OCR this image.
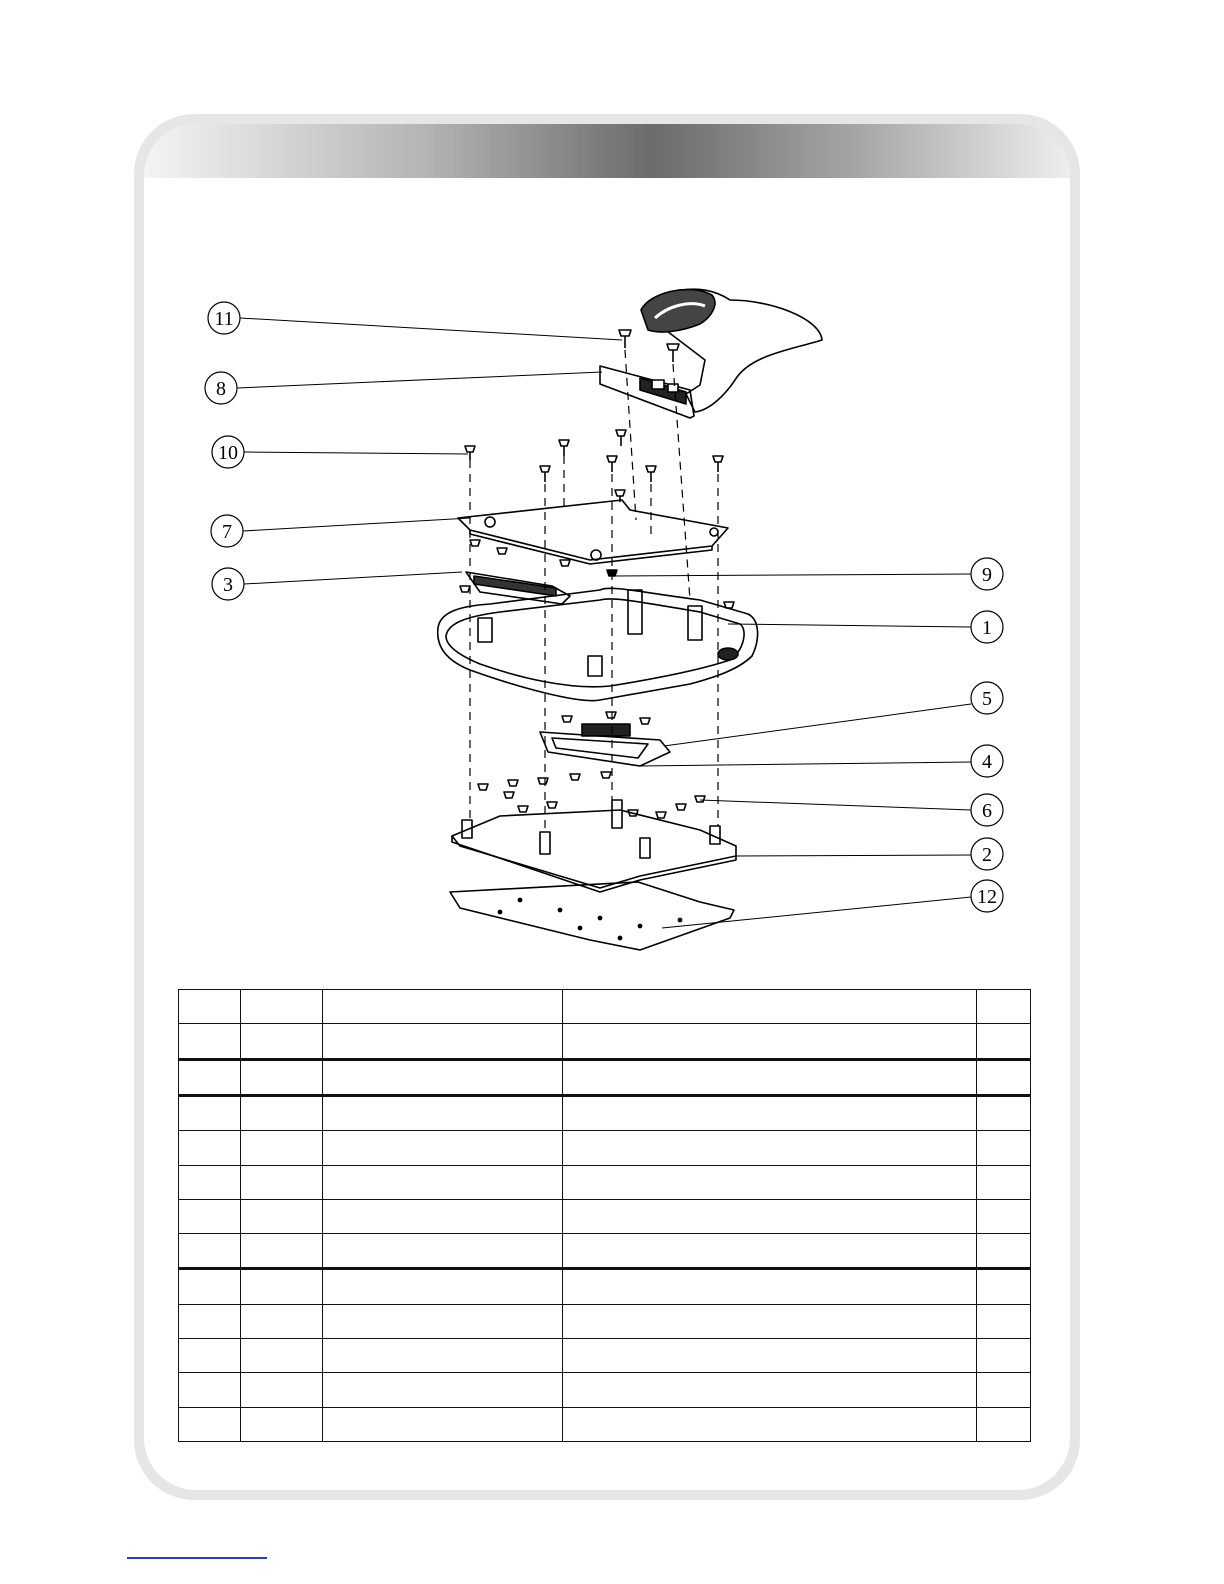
11
8
10
7
3	9
1
5
4
6
2
12
